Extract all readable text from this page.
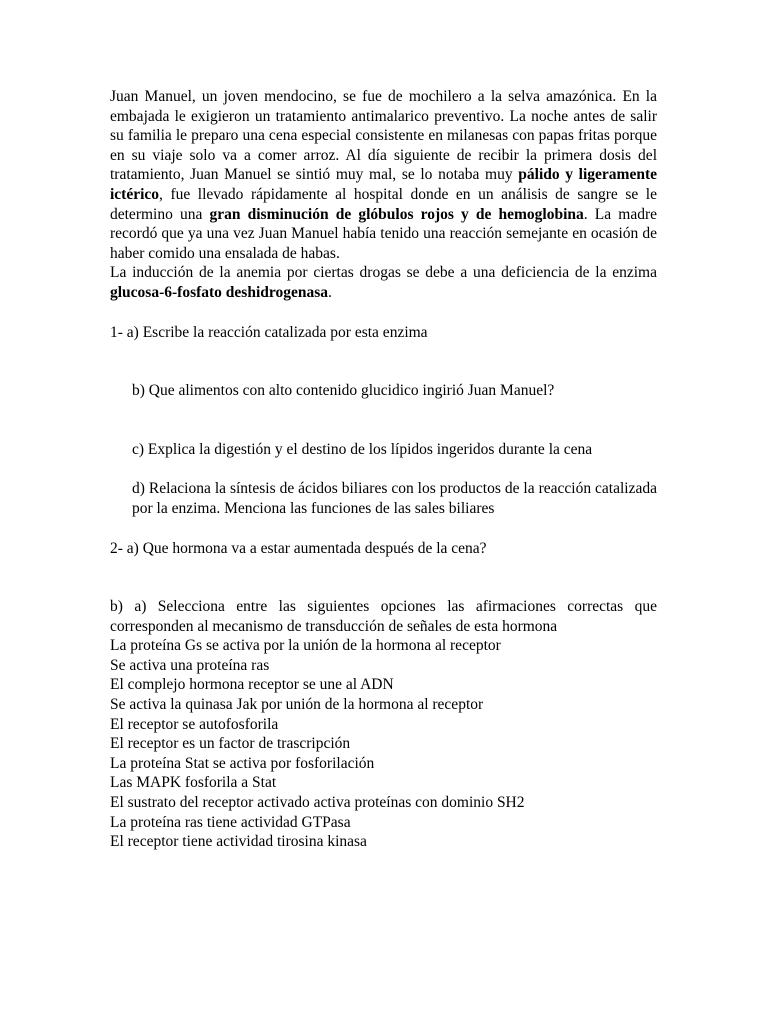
Juan Manuel, un joven mendocino, se fue de mochilero a la selva amazónica. En la embajada le exigieron un tratamiento antimalarico preventivo. La noche antes de salir su familia le preparo una cena especial consistente en milanesas con papas fritas porque en su viaje solo va a comer arroz. Al día siguiente de recibir la primera dosis del tratamiento, Juan Manuel se sintió muy mal, se lo notaba muy pálido y ligeramente ictérico, fue llevado rápidamente al hospital donde en un análisis de sangre se le determino una gran disminución de glóbulos rojos y de hemoglobina. La madre recordó que ya una vez Juan Manuel había tenido una reacción semejante en ocasión de haber comido una ensalada de habas.

La inducción de la anemia por ciertas drogas se debe a una deficiencia de la enzima glucosa-6-fosfato deshidrogenasa.

1- a) Escribe la reacción catalizada por esta enzima

b) Que alimentos con alto contenido glucidico ingirió Juan Manuel?

c) Explica la digestión y el destino de los lípidos ingeridos durante la cena

d) Relaciona la síntesis de ácidos biliares con los productos de la reacción catalizada por la enzima. Menciona las funciones de las sales biliares

2- a) Que hormona va a estar aumentada después de la cena?

b) a) Selecciona entre las siguientes opciones las afirmaciones correctas que corresponden al mecanismo de transducción de señales de esta hormona

La proteína Gs se activa por la unión de la hormona al receptor

Se activa una proteína ras

El complejo hormona receptor se une al ADN

Se activa la quinasa Jak por unión de la hormona al receptor

El receptor se autofosforila

El receptor es un factor de trascripción

La proteína Stat se activa por fosforilación

Las MAPK fosforila a Stat

El sustrato del receptor activado activa proteínas con dominio SH2

La proteína ras tiene actividad GTPasa

El receptor tiene actividad tirosina kinasa
